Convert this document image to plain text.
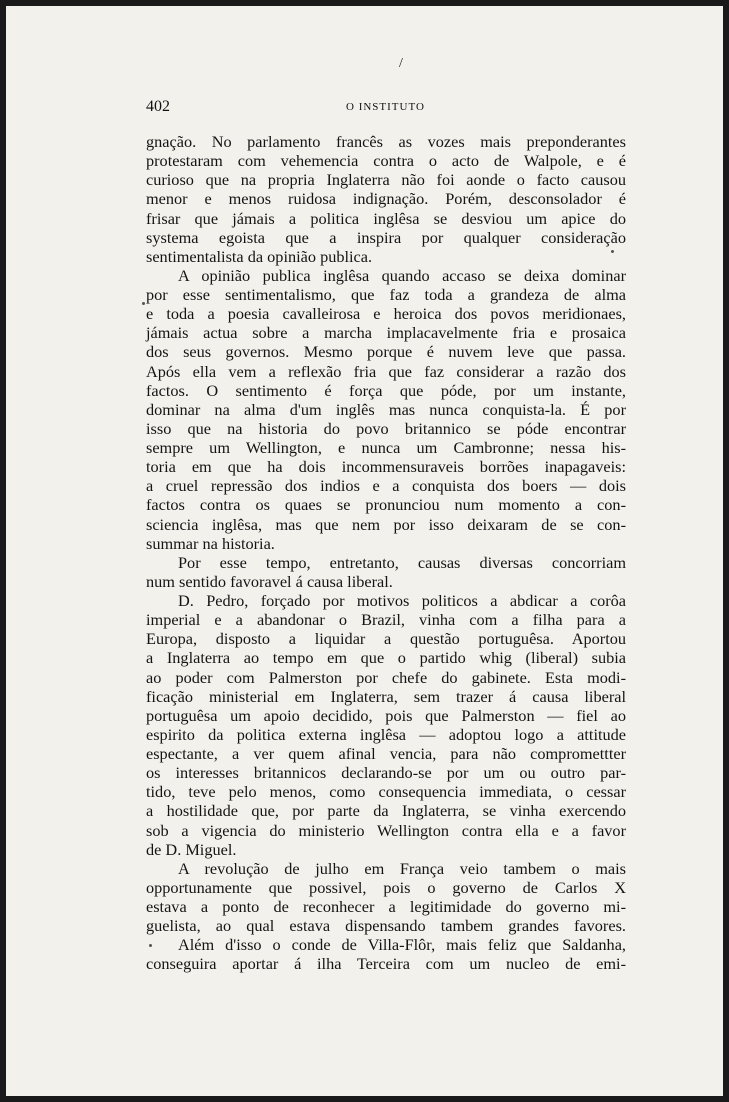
/
402	O INSTITUTO
gnação. No parlamento francês as vozes mais preponderantes
protestaram com vehemencia contra o acto de Walpole, e é
curioso que na propria Inglaterra não foi aonde o facto causou
menor e menos ruidosa indignação. Porém, desconsolador é
frisar que jámais a politica inglêsa se desviou um apice do
systema egoista que a inspira por qualquer consideração
sentimentalista da opinião publica.
A opinião publica inglêsa quando accaso se deixa dominar
por esse sentimentalismo, que faz toda a grandeza de alma
e toda a poesia cavalleirosa e heroica dos povos meridionaes,
jámais actua sobre a marcha implacavelmente fria e prosaica
dos seus governos. Mesmo porque é nuvem leve que passa.
Após ella vem a reflexão fria que faz considerar a razão dos
factos. O sentimento é força que póde, por um instante,
dominar na alma d'um inglês mas nunca conquista-la. É por
isso que na historia do povo britannico se póde encontrar
sempre um Wellington, e nunca um Cambronne; nessa his-
toria em que ha dois incommensuraveis borrões inapagaveis:
a cruel repressão dos indios e a conquista dos boers — dois
factos contra os quaes se pronunciou num momento a con-
sciencia inglêsa, mas que nem por isso deixaram de se con-
summar na historia.
Por esse tempo, entretanto, causas diversas concorriam
num sentido favoravel á causa liberal.
D. Pedro, forçado por motivos politicos a abdicar a corôa
imperial e a abandonar o Brazil, vinha com a filha para a
Europa, disposto a liquidar a questão portuguêsa. Aportou
a Inglaterra ao tempo em que o partido whig (liberal) subia
ao poder com Palmerston por chefe do gabinete. Esta modi-
ficação ministerial em Inglaterra, sem trazer á causa liberal
portuguêsa um apoio decidido, pois que Palmerston — fiel ao
espirito da politica externa inglêsa — adoptou logo a attitude
espectante, a ver quem afinal vencia, para não compromettter
os interesses britannicos declarando-se por um ou outro par-
tido, teve pelo menos, como consequencia immediata, o cessar
a hostilidade que, por parte da Inglaterra, se vinha exercendo
sob a vigencia do ministerio Wellington contra ella e a favor
de D. Miguel.
A revolução de julho em França veio tambem o mais
opportunamente que possivel, pois o governo de Carlos X
estava a ponto de reconhecer a legitimidade do governo mi-
guelista, ao qual estava dispensando tambem grandes favores.
Além d'isso o conde de Villa-Flôr, mais feliz que Saldanha,
conseguira aportar á ilha Terceira com um nucleo de emi-
